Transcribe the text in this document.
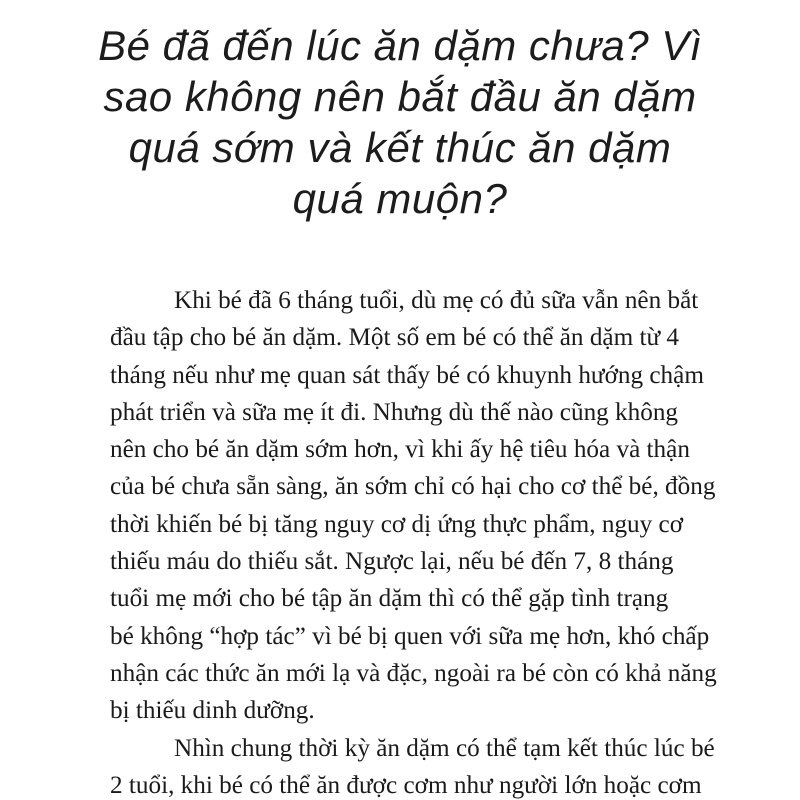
Bé đã đến lúc ăn dặm chưa? Vì
sao không nên bắt đầu ăn dặm
quá sớm và kết thúc ăn dặm
quá muộn?
Khi bé đã 6 tháng tuổi, dù mẹ có đủ sữa vẫn nên bắt
đầu tập cho bé ăn dặm. Một số em bé có thể ăn dặm từ 4
tháng nếu như mẹ quan sát thấy bé có khuynh hướng chậm
phát triển và sữa mẹ ít đi. Nhưng dù thế nào cũng không
nên cho bé ăn dặm sớm hơn, vì khi ấy hệ tiêu hóa và thận
của bé chưa sẵn sàng, ăn sớm chỉ có hại cho cơ thể bé, đồng
thời khiến bé bị tăng nguy cơ dị ứng thực phẩm, nguy cơ
thiếu máu do thiếu sắt. Ngược lại, nếu bé đến 7, 8 tháng
tuổi mẹ mới cho bé tập ăn dặm thì có thể gặp tình trạng
bé không “hợp tác” vì bé bị quen với sữa mẹ hơn, khó chấp
nhận các thức ăn mới lạ và đặc, ngoài ra bé còn có khả năng
bị thiếu dinh dưỡng.
Nhìn chung thời kỳ ăn dặm có thể tạm kết thúc lúc bé
2 tuổi, khi bé có thể ăn được cơm như người lớn hoặc cơm
